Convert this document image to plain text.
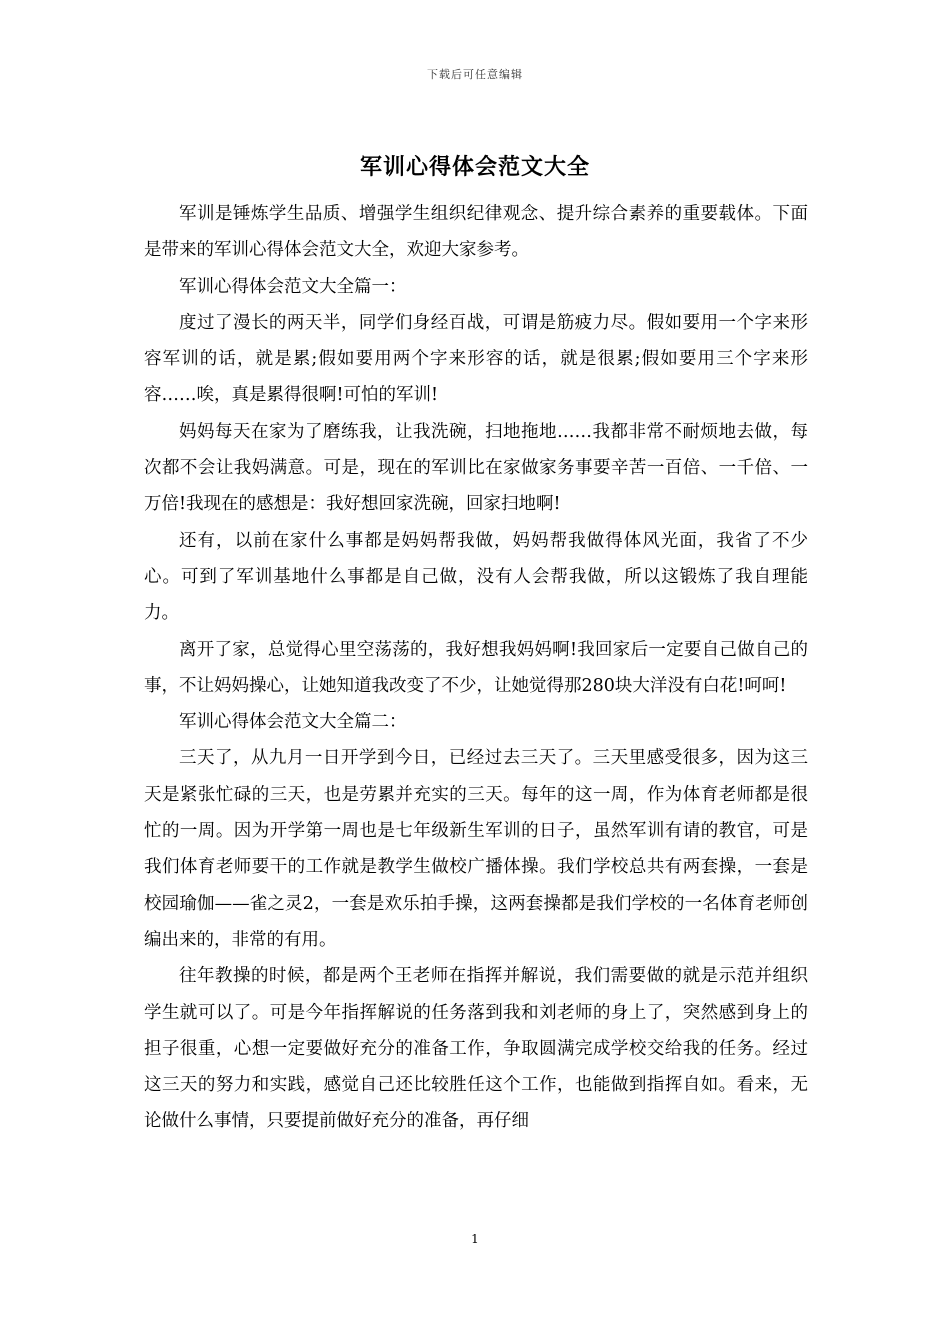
下载后可任意编辑
军训心得体会范文大全

军训是锤炼学生品质、增强学生组织纪律观念、提升综合素养的重要载体。下面是带来的军训心得体会范文大全，欢迎大家参考。

军训心得体会范文大全篇一：

度过了漫长的两天半，同学们身经百战，可谓是筋疲力尽。假如要用一个字来形容军训的话，就是累;假如要用两个字来形容的话，就是很累;假如要用三个字来形容……唉，真是累得很啊!可怕的军训!

妈妈每天在家为了磨练我，让我洗碗，扫地拖地……我都非常不耐烦地去做，每次都不会让我妈满意。可是，现在的军训比在家做家务事要辛苦一百倍、一千倍、一万倍!我现在的感想是：我好想回家洗碗，回家扫地啊!

还有，以前在家什么事都是妈妈帮我做，妈妈帮我做得体风光面，我省了不少心。可到了军训基地什么事都是自己做，没有人会帮我做，所以这锻炼了我自理能力。

离开了家，总觉得心里空荡荡的，我好想我妈妈啊!我回家后一定要自己做自己的事，不让妈妈操心，让她知道我改变了不少，让她觉得那280块大洋没有白花!呵呵!

军训心得体会范文大全篇二：

三天了，从九月一日开学到今日，已经过去三天了。三天里感受很多，因为这三天是紧张忙碌的三天，也是劳累并充实的三天。每年的这一周，作为体育老师都是很忙的一周。因为开学第一周也是七年级新生军训的日子，虽然军训有请的教官，可是我们体育老师要干的工作就是教学生做校广播体操。我们学校总共有两套操，一套是校园瑜伽——雀之灵2，一套是欢乐拍手操，这两套操都是我们学校的一名体育老师创编出来的，非常的有用。

往年教操的时候，都是两个王老师在指挥并解说，我们需要做的就是示范并组织学生就可以了。可是今年指挥解说的任务落到我和刘老师的身上了，突然感到身上的担子很重，心想一定要做好充分的准备工作，争取圆满完成学校交给我的任务。经过这三天的努力和实践，感觉自己还比较胜任这个工作，也能做到指挥自如。看来，无论做什么事情，只要提前做好充分的准备，再仔细

1
